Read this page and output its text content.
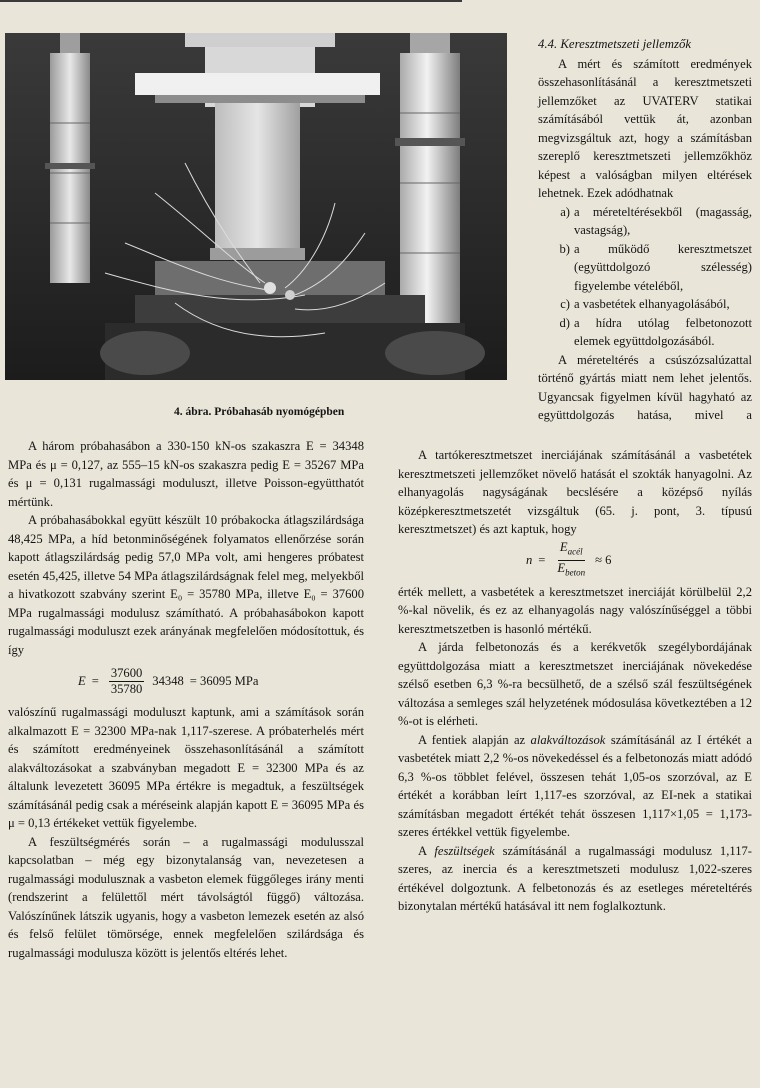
4. ábra. Próbahasáb nyomógépben

A három próbahasábon a 330-150 kN-os szakaszra E = 34348 MPa és μ = 0,127, az 555–15 kN-os szakaszra pedig E = 35267 MPa és μ = 0,131 rugalmassági moduluszt, illetve Poisson-együtthatót mértünk.

A próbahasábokkal együtt készült 10 próbakocka átlagszilárdsága 48,425 MPa, a híd betonminőségének folyamatos ellenőrzése során kapott átlagszilárdság pedig 57,0 MPa volt, ami hengeres próbatest esetén 45,425, illetve 54 MPa átlagszilárdságnak felel meg, melyekből a hivatkozott szabvány szerint E₀ = 35780 MPa, illetve E₀ = 37600 MPa rugalmassági modulusz számítható. A próbahasábokon kapott rugalmassági moduluszt ezek arányának megfelelően módosítottuk, és így

$E = \frac{37600}{35780} 34348 = 36095$ MPa

valószínű rugalmassági moduluszt kaptunk, ami a számítások során alkalmazott E = 32300 MPa-nak 1,117-szerese. A próbaterhelés mért és számított eredményeinek összehasonlításánál a számított alakváltozásokat a szabványban megadott E = 32300 MPa és az általunk levezetett 36095 MPa értékre is megadtuk, a feszültségek számításánál pedig csak a méréseink alapján kapott E = 36095 MPa és μ = 0,13 értékeket vettük figyelembe.

A feszültségmérés során – a rugalmassági modulusszal kapcsolatban – még egy bizonytalanság van, nevezetesen a rugalmassági modulusznak a vasbeton elemek függőleges irány menti (rendszerint a felülettől mért távolságtól függő) változása. Valószínűnek látszik ugyanis, hogy a vasbeton lemezek esetén az alsó és felső felület tömörsége, ennek megfelelően szilárdsága és rugalmassági modulusza között is jelentős eltérés lehet.

4.4. Keresztmetszeti jellemzők

A mért és számított eredmények összehasonlításánál a keresztmetszeti jellemzőket az UVATERV statikai számításából vettük át, azonban megvizsgáltuk azt, hogy a számításban szereplő keresztmetszeti jellemzőkhöz képest a valóságban milyen eltérések lehetnek. Ezek adódhatnak

a) a méreteltérésekből (magasság, vastagság),
b) a működő keresztmetszet (együttdolgozó szélesség) figyelembe vételéből,
c) a vasbetétek elhanyagolásából,
d) a hídra utólag felbetonozott elemek együttdolgozásából.

A méreteltérés a csúszózsalúzattal történő gyártás miatt nem lehet jelentős. Ugyancsak figyelmen kívül hagyható az együttdolgozás hatása, mivel a

A tartókeresztmetszet inerciájának számításánál a vasbetétek keresztmetszeti jellemzőket növelő hatását el szokták hanyagolni. Az elhanyagolás nagyságának becslésére a középső nyílás középkeresztmetszetét vizsgáltuk (65. j. pont, 3. típusú keresztmetszet) és azt kaptuk, hogy

$n = \frac{E_{acél}}{E_{beton}} \approx 6$

érték mellett, a vasbetétek a keresztmetszet inerciáját körülbelül 2,2 %-kal növelik, és ez az elhanyagolás nagy valószínűséggel a többi keresztmetszetben is hasonló mértékű.

A járda felbetonozás és a kerékvetők szegélybordájának együttdolgozása miatt a keresztmetszet inerciájának növekedése szélső esetben 6,3 %-ra becsülhető, de a szélső szál feszültségének változása a semleges szál helyzetének módosulása következtében a 12 %-ot is elérheti.

A fentiek alapján az alakváltozások számításánál az I értékét a vasbetétek miatt 2,2 %-os növekedéssel és a felbetonozás miatt adódó 6,3 %-os többlet felével, összesen tehát 1,05-os szorzóval, az E értékét a korábban leírt 1,117-es szorzóval, az EI-nek a statikai számításban megadott értékét tehát összesen 1,117×1,05 = 1,173-szeres értékkel vettük figyelembe.

A feszültségek számításánál a rugalmassági modulusz 1,117-szeres, az inercia és a keresztmetszeti modulusz 1,022-szeres értékével dolgoztunk. A felbetonozás és az esetleges méreteltérés bizonytalan mértékű hatásával itt nem foglalkoztunk.
